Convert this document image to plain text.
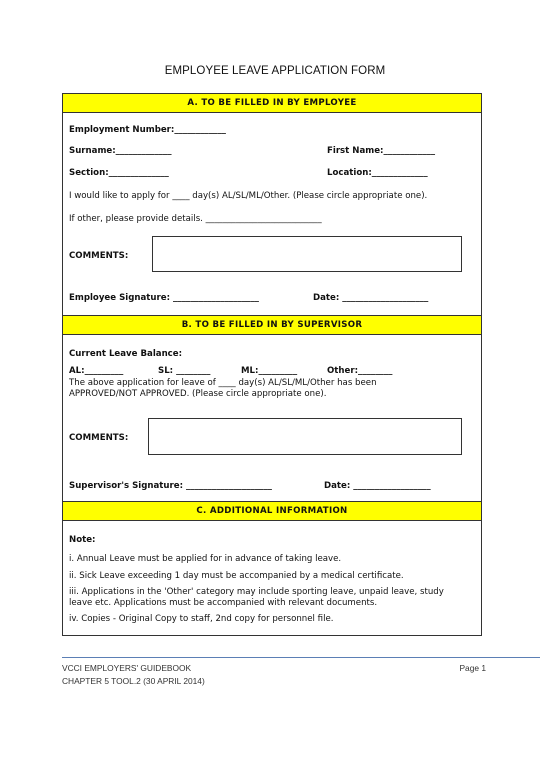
EMPLOYEE LEAVE APPLICATION FORM
A. TO BE FILLED IN BY EMPLOYEE
Employment Number:____________
Surname:_____________	First Name:____________
Section:______________	Location:_____________
I would like to apply for ____ day(s) AL/SL/ML/Other. (Please circle appropriate one).
If other, please provide details. ___________________________
COMMENTS:
Employee Signature: ____________________	Date: ____________________
B. TO BE FILLED IN BY SUPERVISOR
Current Leave Balance:
AL:_________	SL: ________	ML:_________	Other:________
The above application for leave of ____ day(s) AL/SL/ML/Other has been
APPROVED/NOT APPROVED. (Please circle appropriate one).
COMMENTS:
Supervisor's Signature: ____________________	Date: __________________
C. ADDITIONAL INFORMATION
Note:
i. Annual Leave must be applied for in advance of taking leave.
ii. Sick Leave exceeding 1 day must be accompanied by a medical certificate.
iii. Applications in the 'Other' category may include sporting leave, unpaid leave, study
leave etc. Applications must be accompanied with relevant documents.
iv. Copies - Original Copy to staff, 2nd copy for personnel file.
VCCI EMPLOYERS' GUIDEBOOK
CHAPTER 5 TOOL.2 (30 APRIL 2014)
Page 1
